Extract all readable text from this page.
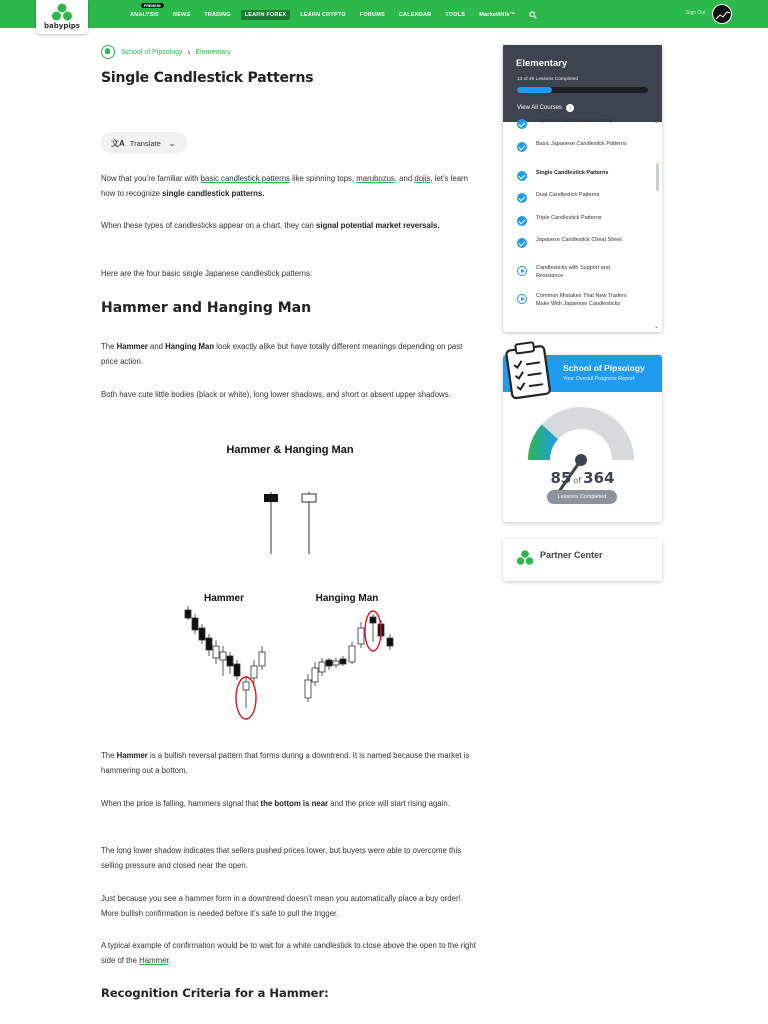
babypips
PREMIUM
ANALYSIS	NEWS	TRADING	LEARN FOREX	LEARN CRYPTO	FORUMS	CALENDAR	TOOLS	MarketMilk™	Sign Out
School of Pipsology › Elementary
Single Candlestick Patterns
文A Translate ⌄

Now that you’re familiar with basic candlestick patterns like spinning tops, marubozus, and dojis, let’s learn how to recognize single candlestick patterns.

When these types of candlesticks appear on a chart, they can signal potential market reversals.

Here are the four basic single Japanese candlestick patterns:

Hammer and Hanging Man

The Hammer and Hanging Man look exactly alike but have totally different meanings depending on past price action.

Both have cute little bodies (black or white), long lower shadows, and short or absent upper shadows.

Hammer & Hanging Man
Hammer	Hanging Man

The Hammer is a bullish reversal pattern that forms during a downtrend. It is named because the market is hammering out a bottom.

When the price is falling, hammers signal that the bottom is near and the price will start rising again.

The long lower shadow indicates that sellers pushed prices lower, but buyers were able to overcome this selling pressure and closed near the open.

Just because you see a hammer form in a downtrend doesn’t mean you automatically place a buy order! More bullish confirmation is needed before it’s safe to pull the trigger.

A typical example of confirmation would be to wait for a white candlestick to close above the open to the right side of the Hammer.

Recognition Criteria for a Hammer:
Elementary
13 of 49 Lessons Completed
View All Courses	›
Japanese Candlestick Anatomy
Basic Japanese Candlestick Patterns
Single Candlestick Patterns
Dual Candlestick Patterns
Triple Candlestick Patterns
Japanese Candlestick Cheat Sheet
Candlesticks with Support and Resistance
Common Mistakes That New Traders Make With Japanese Candlesticks
⌃
⌄
School of Pipsology
Your Overall Progress Report
85 of 364
Lessons Completed
Partner Center
